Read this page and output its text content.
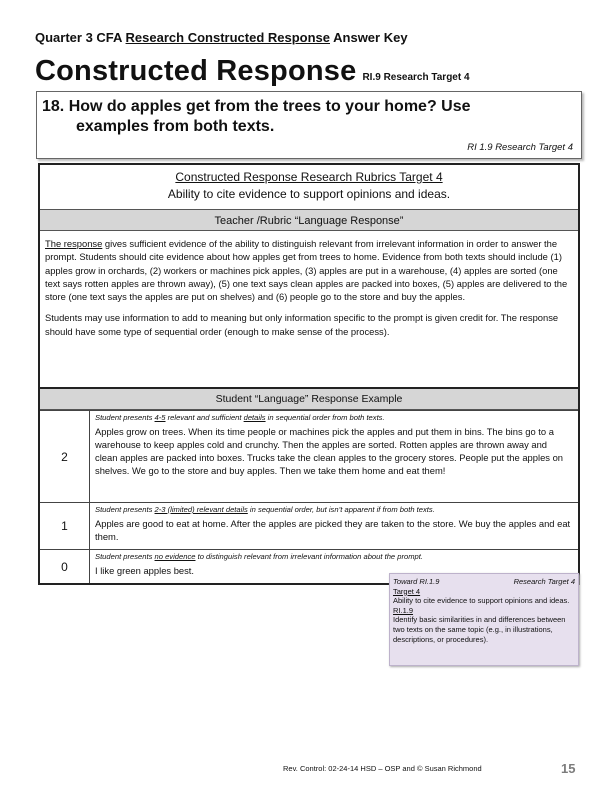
Quarter 3 CFA Research Constructed Response Answer Key
Constructed Response RI.9 Research Target 4
18. How do apples get from the trees to your home? Use
examples from both texts.
RI 1.9 Research Target 4
Constructed Response Research Rubrics Target 4
Ability to cite evidence to support opinions and ideas.
Teacher /Rubric “Language Response”

The response gives sufficient evidence of the ability to distinguish relevant from irrelevant information in order to answer the prompt. Students should cite evidence about how apples get from trees to home. Evidence from both texts should include (1) apples grow in orchards, (2) workers or machines pick apples, (3) apples are put in a warehouse, (4) apples are sorted (one text says rotten apples are thrown away), (5) one text says clean apples are packed into boxes, (5) apples are delivered to the store (one text says the apples are put on shelves) and (6) people go to the store and buy the apples.

Students may use information to add to meaning but only information specific to the prompt is given credit for. The response should have some type of sequential order (enough to make sense of the process).

Student “Language” Response Example
2
Student presents 4-5 relevant and sufficient details in sequential order from both texts.
Apples grow on trees. When its time people or machines pick the apples and put them in bins. The bins go to a warehouse to keep apples cold and crunchy. Then the apples are sorted. Rotten apples are thrown away and clean apples are packed into boxes. Trucks take the clean apples to the grocery stores. People put the apples on shelves. We go to the store and buy apples. Then we take them home and eat them!
1
Student presents 2-3 (limited) relevant details in sequential order, but isn’t apparent if from both texts.
Apples are good to eat at home. After the apples are picked they are taken to the store. We buy the apples and eat them.
0
Student presents no evidence to distinguish relevant from irrelevant information about the prompt.
I like green apples best.
Toward RI.1.9	Research Target 4
Target 4
Ability to cite evidence to support opinions and ideas.
RI.1.9
Identify basic similarities in and differences between two texts on the same topic (e.g., in illustrations, descriptions, or procedures).
Rev. Control: 02-24-14 HSD – OSP and © Susan Richmond	15
